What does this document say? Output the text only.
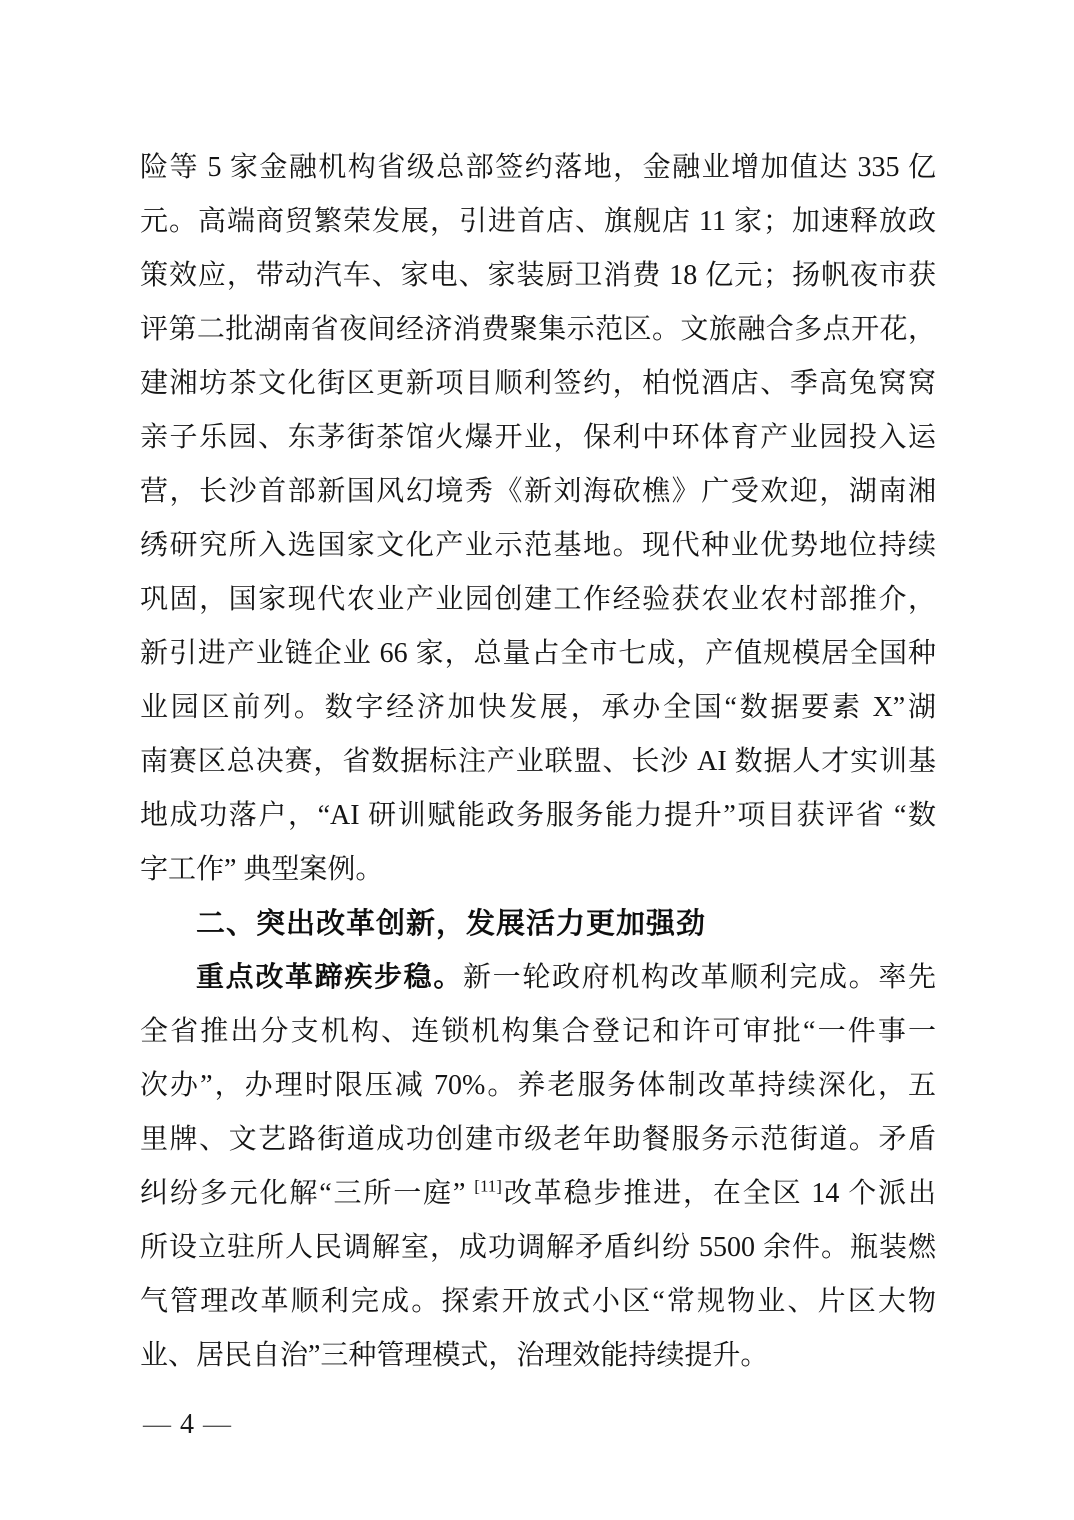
险等 5 家金融机构省级总部签约落地，金融业增加值达 335 亿
元。高端商贸繁荣发展，引进首店、旗舰店 11 家；加速释放政
策效应，带动汽车、家电、家装厨卫消费 18 亿元；扬帆夜市获
评第二批湖南省夜间经济消费聚集示范区。文旅融合多点开花，
建湘坊茶文化街区更新项目顺利签约，柏悦酒店、季高兔窝窝
亲子乐园、东茅街茶馆火爆开业，保利中环体育产业园投入运
营，长沙首部新国风幻境秀《新刘海砍樵》广受欢迎，湖南湘
绣研究所入选国家文化产业示范基地。现代种业优势地位持续
巩固，国家现代农业产业园创建工作经验获农业农村部推介，
新引进产业链企业 66 家，总量占全市七成，产值规模居全国种
业园区前列。数字经济加快发展，承办全国“数据要素 X”湖
南赛区总决赛，省数据标注产业联盟、长沙 AI 数据人才实训基
地成功落户，“AI 研训赋能政务服务能力提升”项目获评省 “数
字工作” 典型案例。
二、突出改革创新，发展活力更加强劲
重点改革蹄疾步稳。新一轮政府机构改革顺利完成。率先
全省推出分支机构、连锁机构集合登记和许可审批“一件事一
次办”，办理时限压减 70%。养老服务体制改革持续深化，五
里牌、文艺路街道成功创建市级老年助餐服务示范街道。矛盾
纠纷多元化解“三所一庭” [11]改革稳步推进，在全区 14 个派出
所设立驻所人民调解室，成功调解矛盾纠纷 5500 余件。瓶装燃
气管理改革顺利完成。探索开放式小区“常规物业、片区大物
业、居民自治”三种管理模式，治理效能持续提升。
— 4 —
